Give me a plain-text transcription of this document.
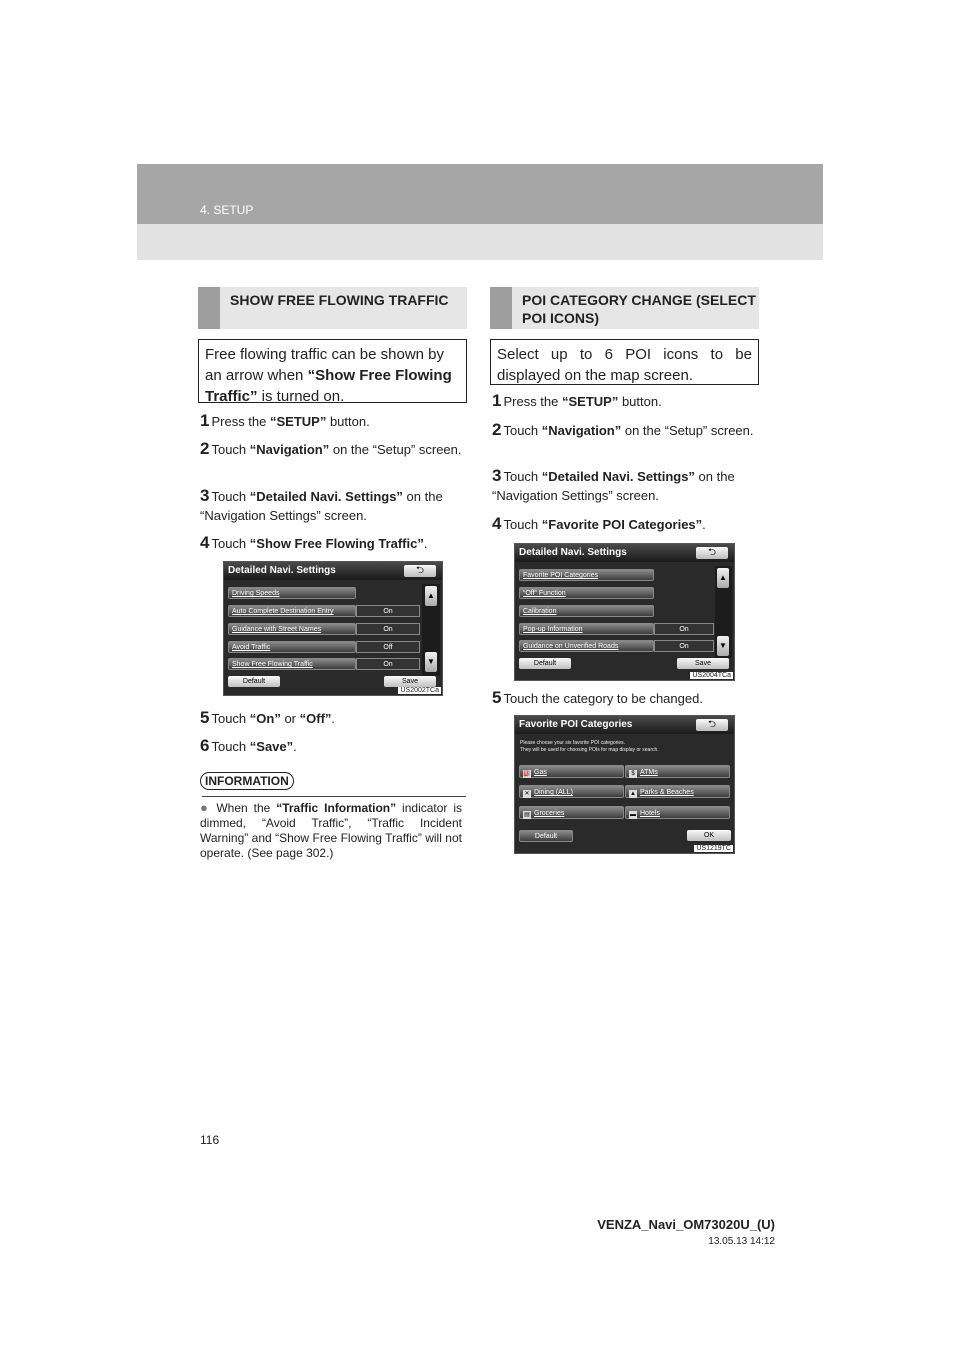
4. SETUP
SHOW FREE FLOWING TRAFFIC
Free flowing traffic can be shown by an arrow when “Show Free Flowing Traffic” is turned on.
1 Press the “SETUP” button.
2 Touch “Navigation” on the “Setup” screen.
3 Touch “Detailed Navi. Settings” on the “Navigation Settings” screen.
4 Touch “Show Free Flowing Traffic”.
Detailed Navi. Settings	⮌
Driving Speeds
Auto Complete Destination Entry	On
Guidance with Street Names	On
Avoid Traffic	Off
Show Free Flowing Traffic	On
▲
▼
Default	Save
US2002TCa
5 Touch “On” or “Off”.
6 Touch “Save”.
INFORMATION
● When the “Traffic Information” indicator is dimmed, “Avoid Traffic”, “Traffic Incident Warning” and “Show Free Flowing Traffic” will not operate. (See page 302.)
POI CATEGORY CHANGE (SELECT POI ICONS)
Select up to 6 POI icons to be displayed on the map screen.
1 Press the “SETUP” button.
2 Touch “Navigation” on the “Setup” screen.
3 Touch “Detailed Navi. Settings” on the “Navigation Settings” screen.
4 Touch “Favorite POI Categories”.
Detailed Navi. Settings	⮌
Favorite POI Categories
“Off” Function
Calibration
Pop-up Information	On
Guidance on Unverified Roads	On
▲
▼
Default	Save
US2004TCa
5 Touch the category to be changed.
Favorite POI Categories	⮌
Please choose your six favorite POI categories.
They will be used for choosing POIs for map display or search.
⛽ Gas	$ ATMs
✕ Dining (ALL)	▲ Parks & Beaches
▤ Groceries	▬ Hotels
Default	OK
US1219TC
116
VENZA_Navi_OM73020U_(U)
13.05.13 14:12
